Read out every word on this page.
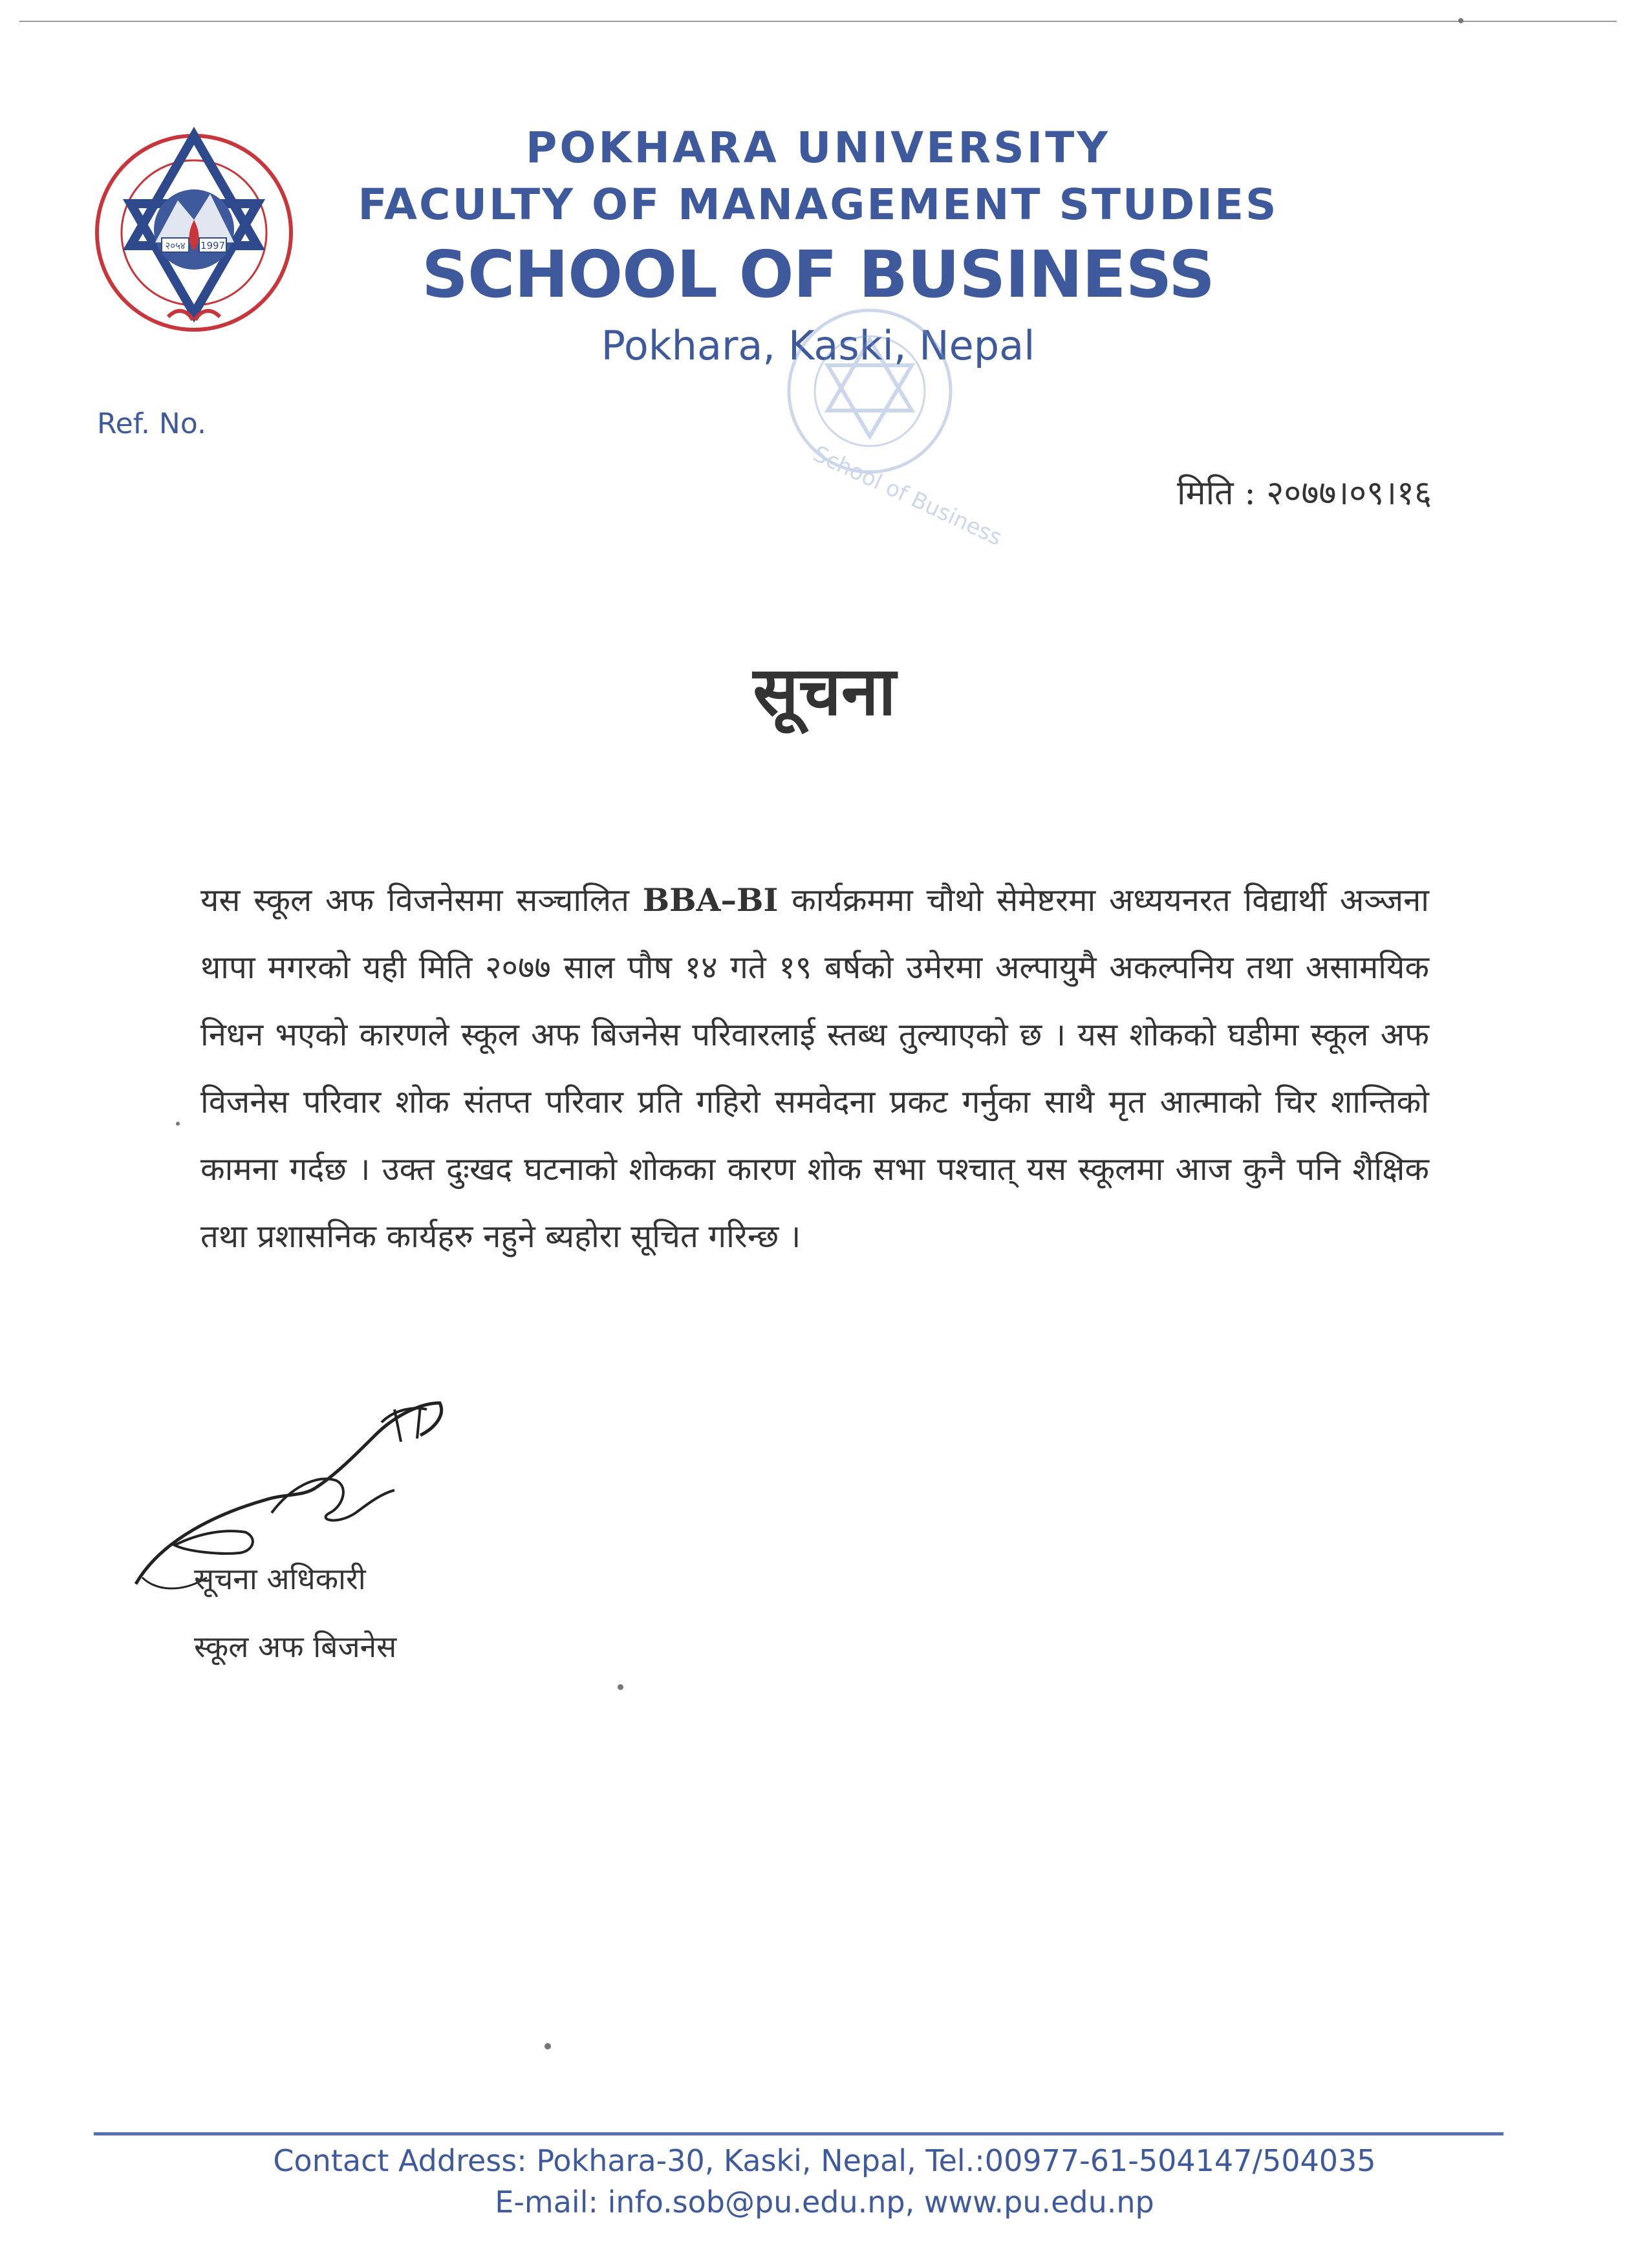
२०५४ 1997
POKHARA UNIVERSITY
FACULTY OF MANAGEMENT STUDIES
SCHOOL OF BUSINESS
Pokhara, Kaski, Nepal
School of Business
Ref. No.
मिति : २०७७।०९।१६
सूचना
यस स्कूल अफ विजनेसमा सञ्चालित BBA–BI कार्यक्रममा चौथो सेमेष्टरमा अध्ययनरत विद्यार्थी अञ्जना थापा मगरको यही मिति २०७७ साल पौष १४ गते १९ बर्षको उमेरमा अल्पायुमै अकल्पनिय तथा असामयिक निधन भएको कारणले स्कूल अफ बिजनेस परिवारलाई स्तब्ध तुल्याएको छ । यस शोकको घडीमा स्कूल अफ विजनेस परिवार शोक संतप्त परिवार प्रति गहिरो समवेदना प्रकट गर्नुका साथै मृत आत्माको चिर शान्तिको कामना गर्दछ । उक्त दुःखद घटनाको शोकका कारण शोक सभा पश्चात् यस स्कूलमा आज कुनै पनि शैक्षिक तथा प्रशासनिक कार्यहरु नहुने ब्यहोरा सूचित गरिन्छ ।
सूचना अधिकारी
स्कूल अफ बिजनेस
Contact Address: Pokhara-30, Kaski, Nepal, Tel.:00977-61-504147/504035
E-mail: info.sob@pu.edu.np, www.pu.edu.np
